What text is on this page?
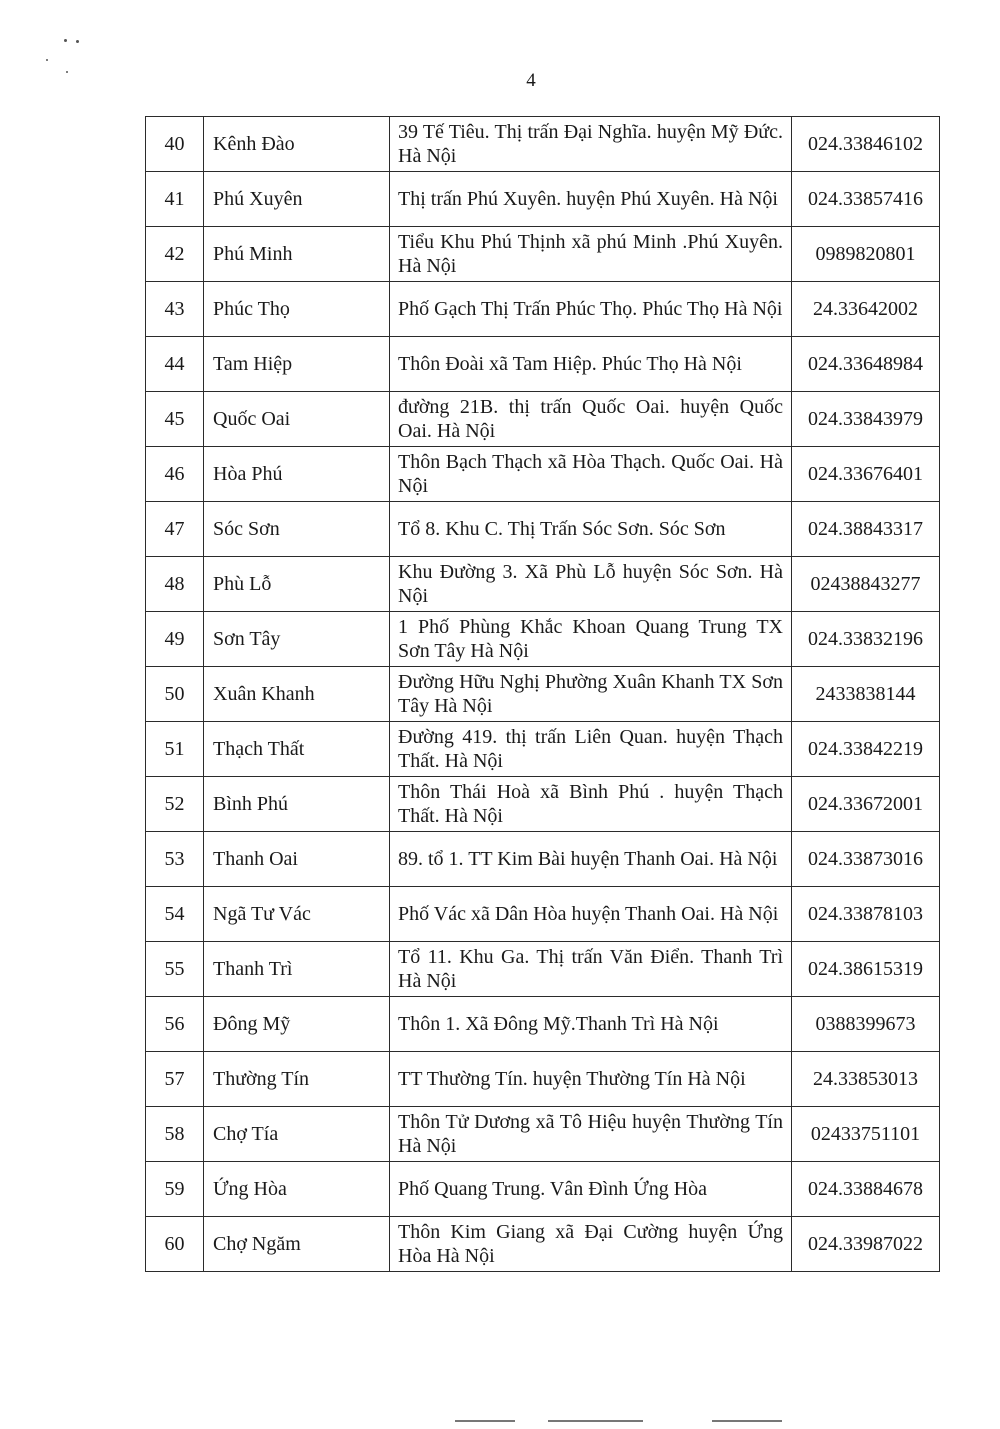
4
40	Kênh Đào	39 Tế Tiêu. Thị trấn Đại Nghĩa. huyện Mỹ Đức. Hà Nội	024.33846102
41	Phú Xuyên	Thị trấn Phú Xuyên. huyện Phú Xuyên. Hà Nội	024.33857416
42	Phú Minh	Tiểu Khu Phú Thịnh xã phú Minh .Phú Xuyên. Hà Nội	0989820801
43	Phúc Thọ	Phố Gạch Thị Trấn Phúc Thọ. Phúc Thọ Hà Nội	24.33642002
44	Tam Hiệp	Thôn Đoài xã Tam Hiệp. Phúc Thọ Hà Nội	024.33648984
45	Quốc Oai	đường 21B. thị trấn Quốc Oai. huyện Quốc Oai. Hà Nội	024.33843979
46	Hòa Phú	Thôn Bạch Thạch xã Hòa Thạch. Quốc Oai. Hà Nội	024.33676401
47	Sóc Sơn	Tổ 8. Khu C. Thị Trấn Sóc Sơn. Sóc Sơn	024.38843317
48	Phù Lỗ	Khu Đường 3. Xã Phù Lỗ huyện Sóc Sơn. Hà Nội	02438843277
49	Sơn Tây	1 Phố Phùng Khắc Khoan Quang Trung TX Sơn Tây Hà Nội	024.33832196
50	Xuân Khanh	Đường Hữu Nghị Phường Xuân Khanh TX Sơn Tây Hà Nội	2433838144
51	Thạch Thất	Đường 419. thị trấn Liên Quan. huyện Thạch Thất. Hà Nội	024.33842219
52	Bình Phú	Thôn Thái Hoà xã Bình Phú . huyện Thạch Thất. Hà Nội	024.33672001
53	Thanh Oai	89. tổ 1. TT Kim Bài huyện Thanh Oai. Hà Nội	024.33873016
54	Ngã Tư Vác	Phố Vác xã Dân Hòa huyện Thanh Oai. Hà Nội	024.33878103
55	Thanh Trì	Tổ 11. Khu Ga. Thị trấn Văn Điển. Thanh Trì Hà Nội	024.38615319
56	Đông Mỹ	Thôn 1. Xã Đông Mỹ.Thanh Trì Hà Nội	0388399673
57	Thường Tín	TT Thường Tín. huyện Thường Tín Hà Nội	24.33853013
58	Chợ Tía	Thôn Tử Dương xã Tô Hiệu huyện Thường Tín Hà Nội	02433751101
59	Ứng Hòa	Phố Quang Trung. Vân Đình Ứng Hòa	024.33884678
60	Chợ Ngăm	Thôn Kim Giang xã Đại Cường huyện Ứng Hòa Hà Nội	024.33987022
